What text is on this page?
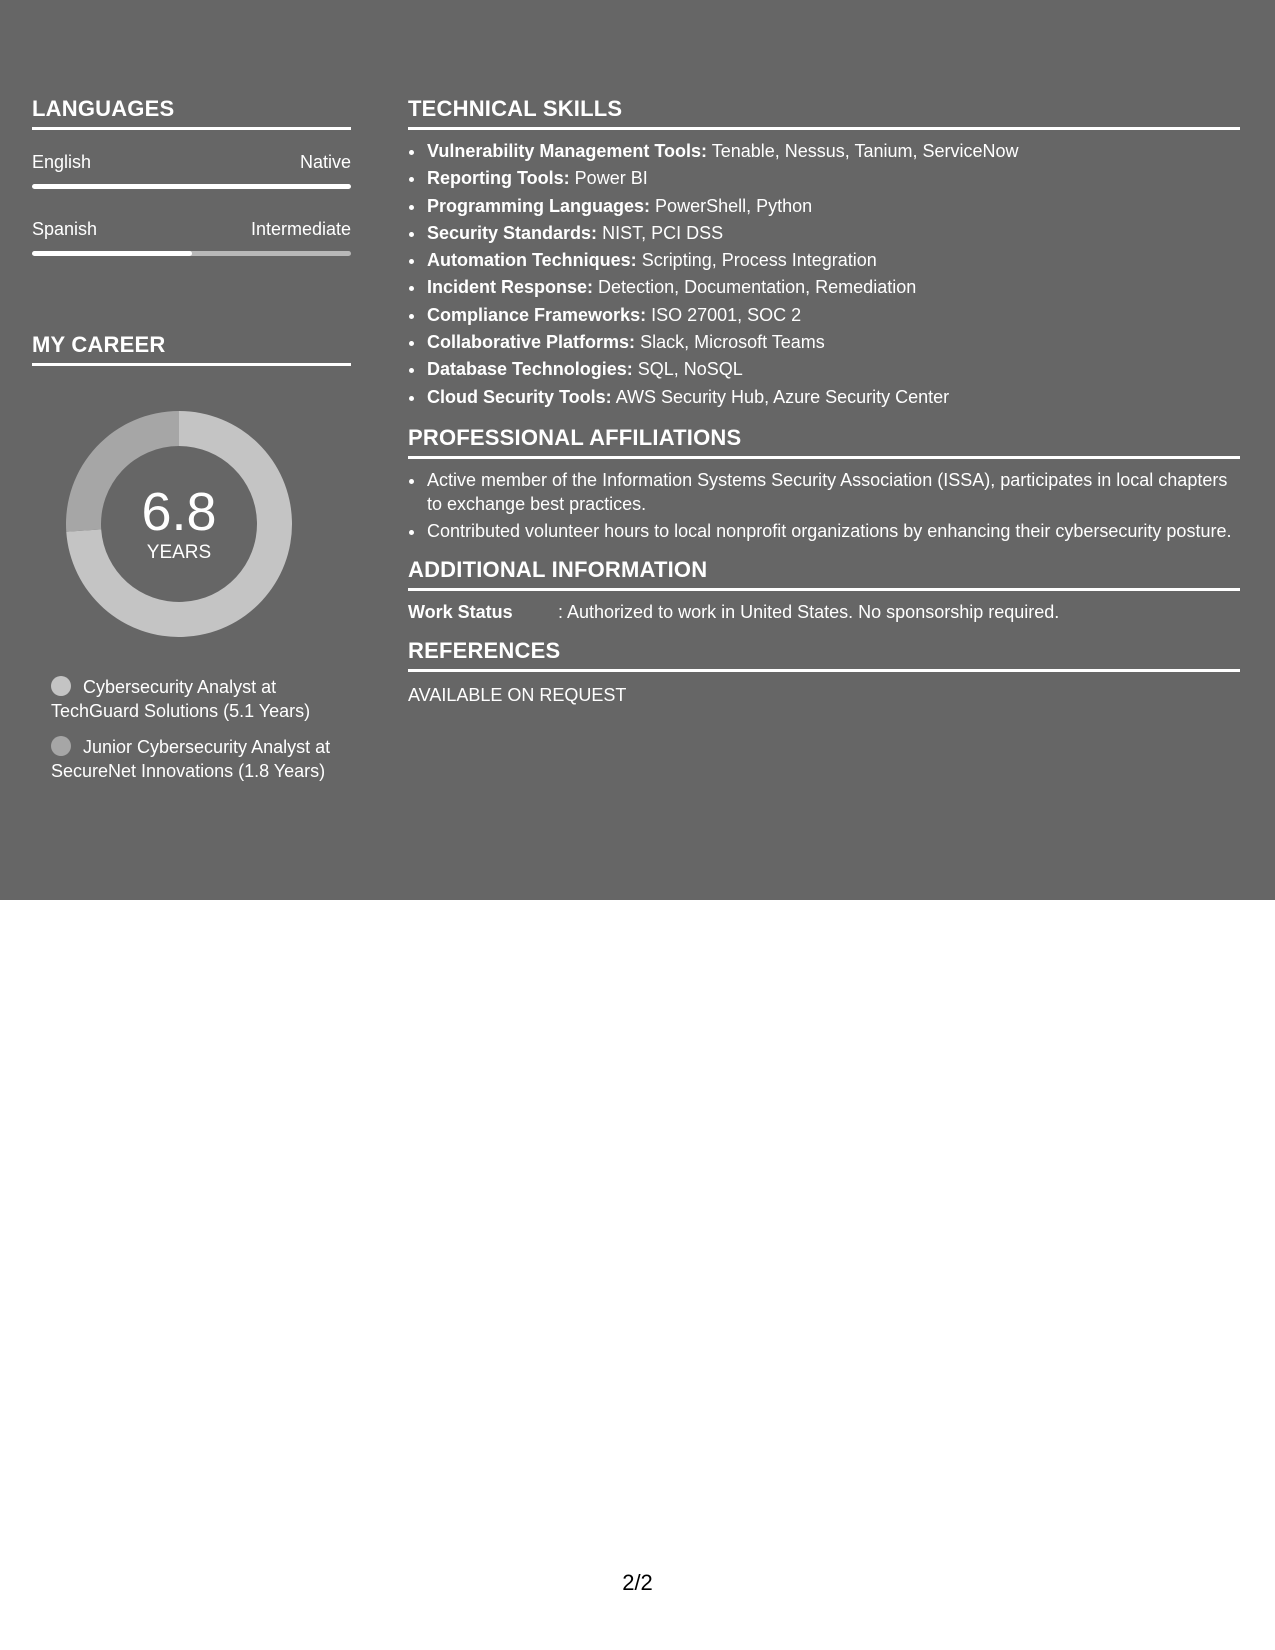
LANGUAGES
English	Native
Spanish	Intermediate
MY CAREER
6.8
YEARS
Cybersecurity Analyst at TechGuard Solutions (5.1 Years)
Junior Cybersecurity Analyst at SecureNet Innovations (1.8 Years)
TECHNICAL SKILLS
• Vulnerability Management Tools: Tenable, Nessus, Tanium, ServiceNow
• Reporting Tools: Power BI
• Programming Languages: PowerShell, Python
• Security Standards: NIST, PCI DSS
• Automation Techniques: Scripting, Process Integration
• Incident Response: Detection, Documentation, Remediation
• Compliance Frameworks: ISO 27001, SOC 2
• Collaborative Platforms: Slack, Microsoft Teams
• Database Technologies: SQL, NoSQL
• Cloud Security Tools: AWS Security Hub, Azure Security Center
PROFESSIONAL AFFILIATIONS
• Active member of the Information Systems Security Association (ISSA), participates in local chapters to exchange best practices.
• Contributed volunteer hours to local nonprofit organizations by enhancing their cybersecurity posture.
ADDITIONAL INFORMATION
Work Status	: Authorized to work in United States. No sponsorship required.
REFERENCES
AVAILABLE ON REQUEST
2/2
